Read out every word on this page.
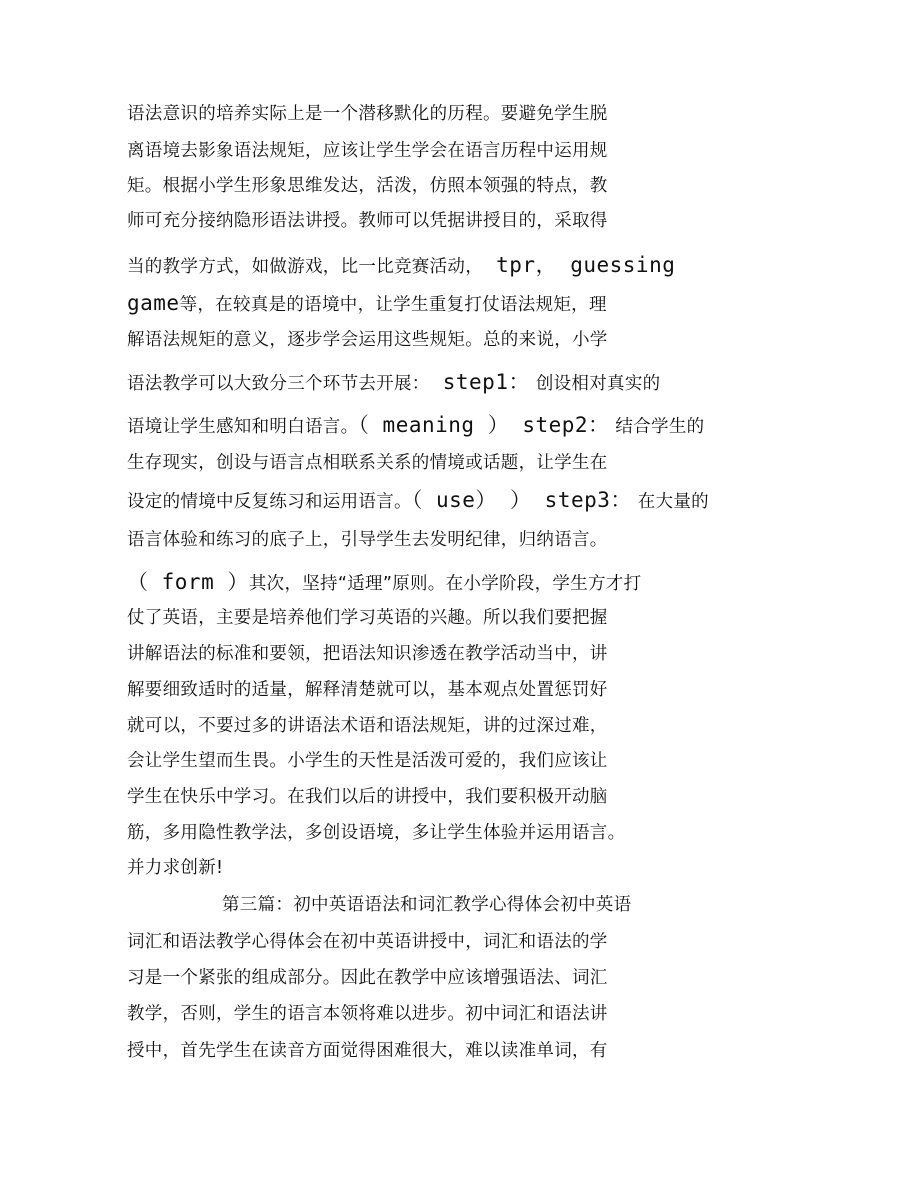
语法意识的培养实际上是一个潜移默化的历程。要避免学生脱
离语境去影象语法规矩，应该让学生学会在语言历程中运用规
矩。根据小学生形象思维发达，活泼，仿照本领强的特点，教
师可充分接纳隐形语法讲授。教师可以凭据讲授目的，采取得
当的教学方式，如做游戏，比一比竞赛活动， tpr， guessing
game等，在较真是的语境中，让学生重复打仗语法规矩，理
解语法规矩的意义，逐步学会运用这些规矩。总的来说，小学
语法教学可以大致分三个环节去开展： step1： 创设相对真实的
语境让学生感知和明白语言。（ meaning ） step2： 结合学生的
生存现实，创设与语言点相联系关系的情境或话题，让学生在
设定的情境中反复练习和运用语言。（ use） ） step3： 在大量的
语言体验和练习的底子上，引导学生去发明纪律，归纳语言。
（ form ）其次，坚持“适理”原则。在小学阶段，学生方才打
仗了英语，主要是培养他们学习英语的兴趣。所以我们要把握
讲解语法的标准和要领，把语法知识渗透在教学活动当中，讲
解要细致适时的适量，解释清楚就可以，基本观点处置惩罚好
就可以，不要过多的讲语法术语和语法规矩，讲的过深过难，
会让学生望而生畏。小学生的天性是活泼可爱的，我们应该让
学生在快乐中学习。在我们以后的讲授中，我们要积极开动脑
筋，多用隐性教学法，多创设语境，多让学生体验并运用语言。
并力求创新!
第三篇：初中英语语法和词汇教学心得体会初中英语
词汇和语法教学心得体会在初中英语讲授中，词汇和语法的学
习是一个紧张的组成部分。因此在教学中应该增强语法、词汇
教学，否则，学生的语言本领将难以进步。初中词汇和语法讲
授中，首先学生在读音方面觉得困难很大，难以读准单词，有
